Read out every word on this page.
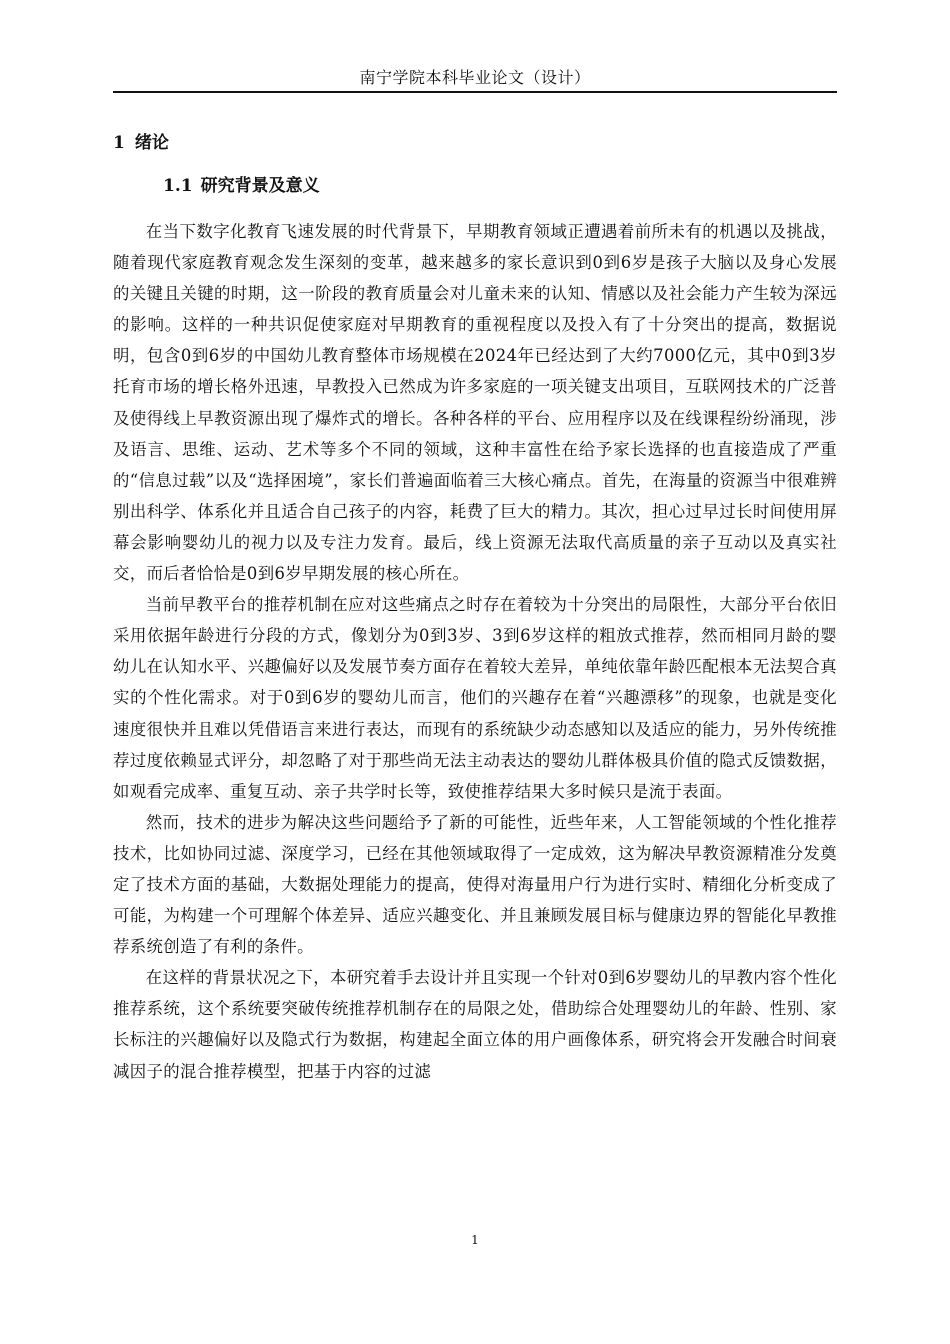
南宁学院本科毕业论文（设计）
1 绪论
1.1 研究背景及意义

在当下数字化教育飞速发展的时代背景下，早期教育领域正遭遇着前所未有的机遇以及挑战，随着现代家庭教育观念发生深刻的变革，越来越多的家长意识到0到6岁是孩子大脑以及身心发展的关键且关键的时期，这一阶段的教育质量会对儿童未来的认知、情感以及社会能力产生较为深远的影响。这样的一种共识促使家庭对早期教育的重视程度以及投入有了十分突出的提高，数据说明，包含0到6岁的中国幼儿教育整体市场规模在2024年已经达到了大约7000亿元，其中0到3岁托育市场的增长格外迅速，早教投入已然成为许多家庭的一项关键支出项目，互联网技术的广泛普及使得线上早教资源出现了爆炸式的增长。各种各样的平台、应用程序以及在线课程纷纷涌现，涉及语言、思维、运动、艺术等多个不同的领域，这种丰富性在给予家长选择的也直接造成了严重的“信息过载”以及“选择困境”，家长们普遍面临着三大核心痛点。首先，在海量的资源当中很难辨别出科学、体系化并且适合自己孩子的内容，耗费了巨大的精力。其次，担心过早过长时间使用屏幕会影响婴幼儿的视力以及专注力发育。最后，线上资源无法取代高质量的亲子互动以及真实社交，而后者恰恰是0到6岁早期发展的核心所在。

当前早教平台的推荐机制在应对这些痛点之时存在着较为十分突出的局限性，大部分平台依旧采用依据年龄进行分段的方式，像划分为0到3岁、3到6岁这样的粗放式推荐，然而相同月龄的婴幼儿在认知水平、兴趣偏好以及发展节奏方面存在着较大差异，单纯依靠年龄匹配根本无法契合真实的个性化需求。对于0到6岁的婴幼儿而言，他们的兴趣存在着“兴趣漂移”的现象，也就是变化速度很快并且难以凭借语言来进行表达，而现有的系统缺少动态感知以及适应的能力，另外传统推荐过度依赖显式评分，却忽略了对于那些尚无法主动表达的婴幼儿群体极具价值的隐式反馈数据，如观看完成率、重复互动、亲子共学时长等，致使推荐结果大多时候只是流于表面。

然而，技术的进步为解决这些问题给予了新的可能性，近些年来，人工智能领域的个性化推荐技术，比如协同过滤、深度学习，已经在其他领域取得了一定成效，这为解决早教资源精准分发奠定了技术方面的基础，大数据处理能力的提高，使得对海量用户行为进行实时、精细化分析变成了可能，为构建一个可理解个体差异、适应兴趣变化、并且兼顾发展目标与健康边界的智能化早教推荐系统创造了有利的条件。

在这样的背景状况之下，本研究着手去设计并且实现一个针对0到6岁婴幼儿的早教内容个性化推荐系统，这个系统要突破传统推荐机制存在的局限之处，借助综合处理婴幼儿的年龄、性别、家长标注的兴趣偏好以及隐式行为数据，构建起全面立体的用户画像体系，研究将会开发融合时间衰减因子的混合推荐模型，把基于内容的过滤

1
